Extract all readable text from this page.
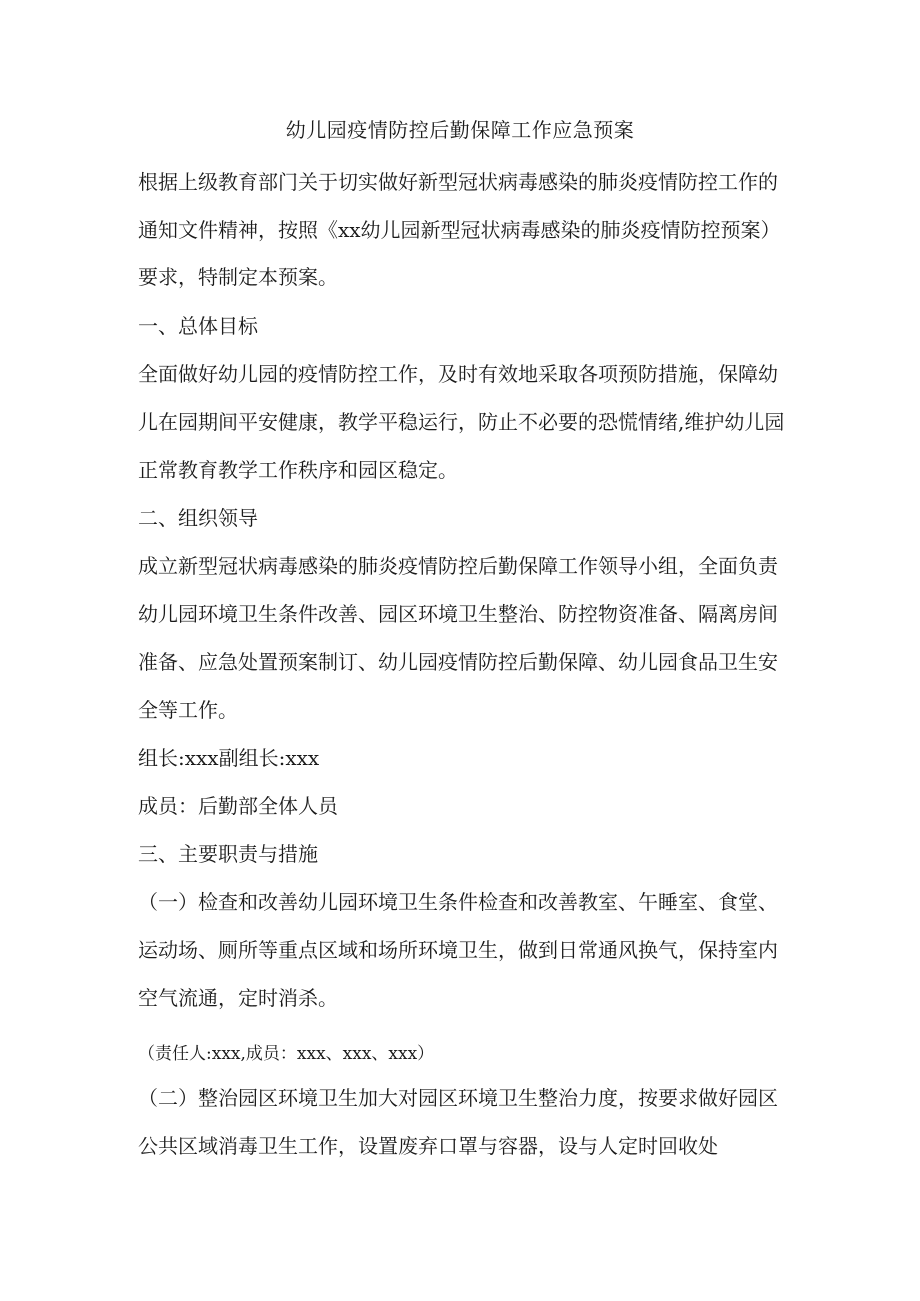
幼儿园疫情防控后勤保障工作应急预案
根据上级教育部门关于切实做好新型冠状病毒感染的肺炎疫情防控工作的
通知文件精神，按照《xx幼儿园新型冠状病毒感染的肺炎疫情防控预案）
要求，特制定本预案。
一、总体目标
全面做好幼儿园的疫情防控工作，及时有效地采取各项预防措施，保障幼
儿在园期间平安健康，教学平稳运行，防止不必要的恐慌情绪,维护幼儿园
正常教育教学工作秩序和园区稳定。
二、组织领导
成立新型冠状病毒感染的肺炎疫情防控后勤保障工作领导小组，全面负责
幼儿园环境卫生条件改善、园区环境卫生整治、防控物资准备、隔离房间
准备、应急处置预案制订、幼儿园疫情防控后勤保障、幼儿园食品卫生安
全等工作。
组长:xxx副组长:xxx
成员：后勤部全体人员
三、主要职责与措施
（一）检查和改善幼儿园环境卫生条件检查和改善教室、午睡室、食堂、
运动场、厕所等重点区域和场所环境卫生，做到日常通风换气，保持室内
空气流通，定时消杀。
（责任人:xxx,成员：xxx、xxx、xxx）
（二）整治园区环境卫生加大对园区环境卫生整治力度，按要求做好园区
公共区域消毒卫生工作，设置废弃口罩与容器，设与人定时回收处
